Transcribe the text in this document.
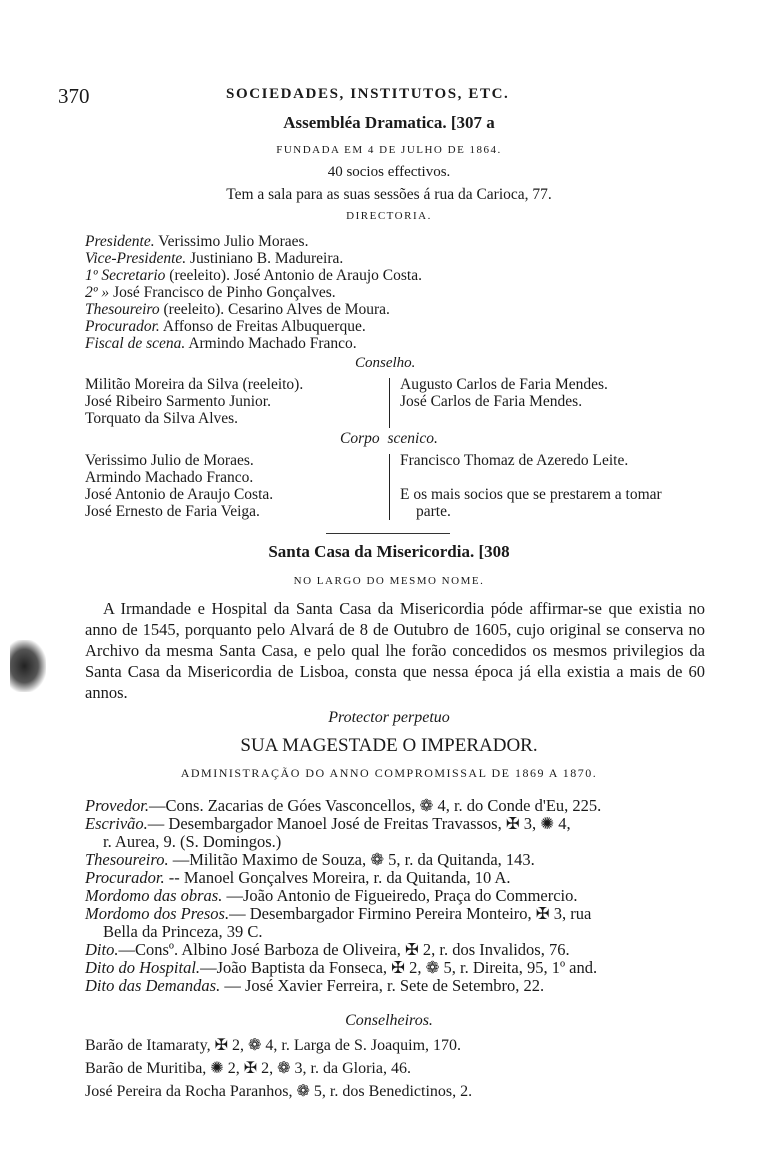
370	SOCIEDADES, INSTITUTOS, ETC.
Assembléa Dramatica. [307 a
FUNDADA EM 4 DE JULHO DE 1864.
40 socios effectivos.
Tem a sala para as suas sessões á rua da Carioca, 77.
DIRECTORIA.
Presidente. Verissimo Julio Moraes.
Vice-Presidente. Justiniano B. Madureira.
1º Secretario (reeleito). José Antonio de Araujo Costa.
2º » José Francisco de Pinho Gonçalves.
Thesoureiro (reeleito). Cesarino Alves de Moura.
Procurador. Affonso de Freitas Albuquerque.
Fiscal de scena. Armindo Machado Franco.
Conselho.
Militão Moreira da Silva (reeleito).
José Ribeiro Sarmento Junior.
Torquato da Silva Alves.
Augusto Carlos de Faria Mendes.
José Carlos de Faria Mendes.
Corpo scenico.
Verissimo Julio de Moraes.
Armindo Machado Franco.
José Antonio de Araujo Costa.
José Ernesto de Faria Veiga.
Francisco Thomaz de Azeredo Leite.
E os mais socios que se prestarem a tomar
parte.
Santa Casa da Misericordia. [308
NO LARGO DO MESMO NOME.
A Irmandade e Hospital da Santa Casa da Misericordia póde affirmar-se que existia no anno de 1545, porquanto pelo Alvará de 8 de Outubro de 1605, cujo original se conserva no Archivo da mesma Santa Casa, e pelo qual lhe forão concedidos os mesmos privilegios da Santa Casa da Misericordia de Lisboa, consta que nessa época já ella existia a mais de 60 annos.
Protector perpetuo
SUA MAGESTADE O IMPERADOR.
ADMINISTRAÇÃO DO ANNO COMPROMISSAL DE 1869 A 1870.
Provedor.—Cons. Zacarias de Góes Vasconcellos, ❁ 4, r. do Conde d'Eu, 225.
Escrivão.— Desembargador Manoel José de Freitas Travassos, ✠ 3, ✺ 4,
r. Aurea, 9. (S. Domingos.)
Thesoureiro. —Militão Maximo de Souza, ❁ 5, r. da Quitanda, 143.
Procurador. -- Manoel Gonçalves Moreira, r. da Quitanda, 10 A.
Mordomo das obras. —João Antonio de Figueiredo, Praça do Commercio.
Mordomo dos Presos.— Desembargador Firmino Pereira Monteiro, ✠ 3, rua
Bella da Princeza, 39 C.
Dito.—Consº. Albino José Barboza de Oliveira, ✠ 2, r. dos Invalidos, 76.
Dito do Hospital.—João Baptista da Fonseca, ✠ 2, ❁ 5, r. Direita, 95, 1º and.
Dito das Demandas. — José Xavier Ferreira, r. Sete de Setembro, 22.
Conselheiros.
Barão de Itamaraty, ✠ 2, ❁ 4, r. Larga de S. Joaquim, 170.
Barão de Muritiba, ✺ 2, ✠ 2, ❁ 3, r. da Gloria, 46.
José Pereira da Rocha Paranhos, ❁ 5, r. dos Benedictinos, 2.
